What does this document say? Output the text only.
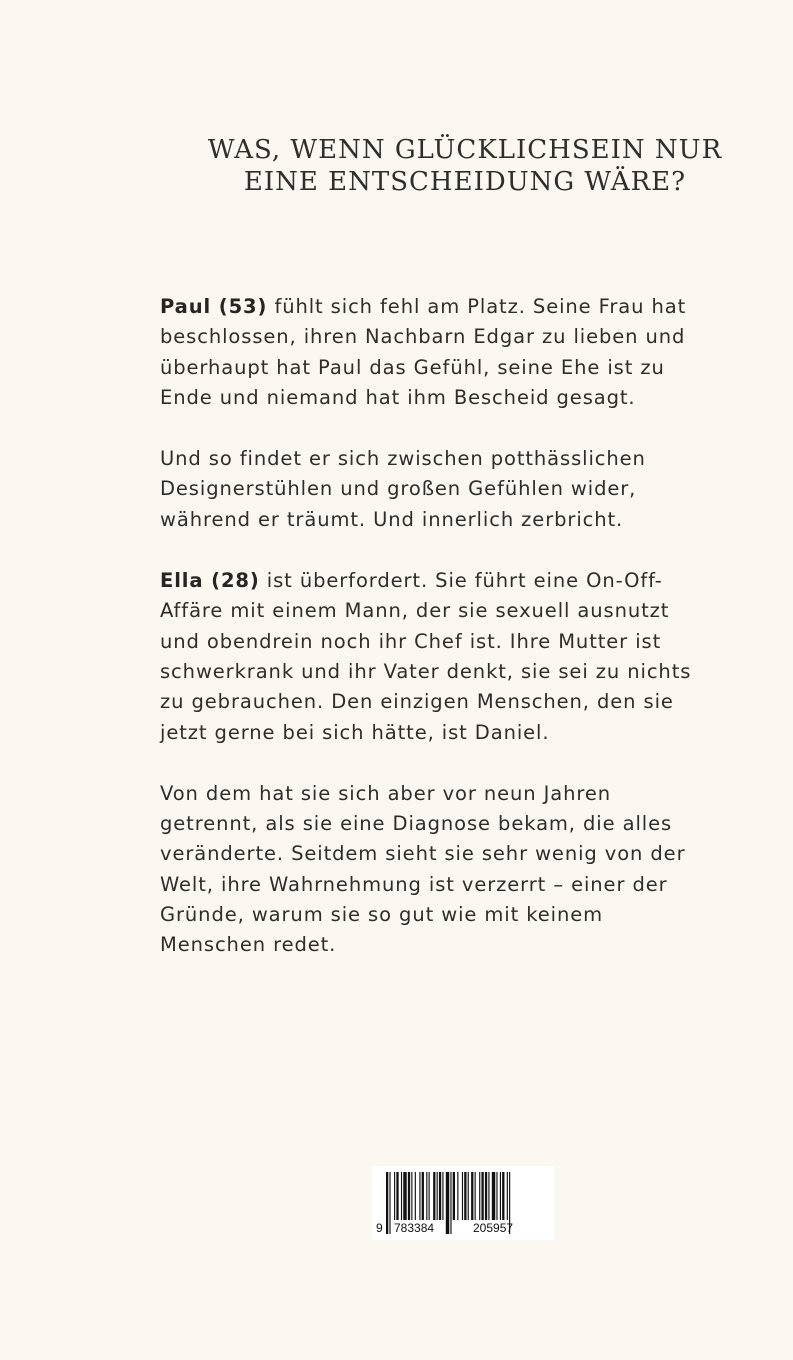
WAS, WENN GLÜCKLICHSEIN NUR
EINE ENTSCHEIDUNG WÄRE?

Paul (53) fühlt sich fehl am Platz. Seine Frau hat
beschlossen, ihren Nachbarn Edgar zu lieben und
überhaupt hat Paul das Gefühl, seine Ehe ist zu
Ende und niemand hat ihm Bescheid gesagt.

Und so findet er sich zwischen potthässlichen
Designerstühlen und großen Gefühlen wider,
während er träumt. Und innerlich zerbricht.

Ella (28) ist überfordert. Sie führt eine On-Off-
Affäre mit einem Mann, der sie sexuell ausnutzt
und obendrein noch ihr Chef ist. Ihre Mutter ist
schwerkrank und ihr Vater denkt, sie sei zu nichts
zu gebrauchen. Den einzigen Menschen, den sie
jetzt gerne bei sich hätte, ist Daniel.

Von dem hat sie sich aber vor neun Jahren
getrennt, als sie eine Diagnose bekam, die alles
veränderte. Seitdem sieht sie sehr wenig von der
Welt, ihre Wahrnehmung ist verzerrt – einer der
Gründe, warum sie so gut wie mit keinem
Menschen redet.

9 783384	205957
